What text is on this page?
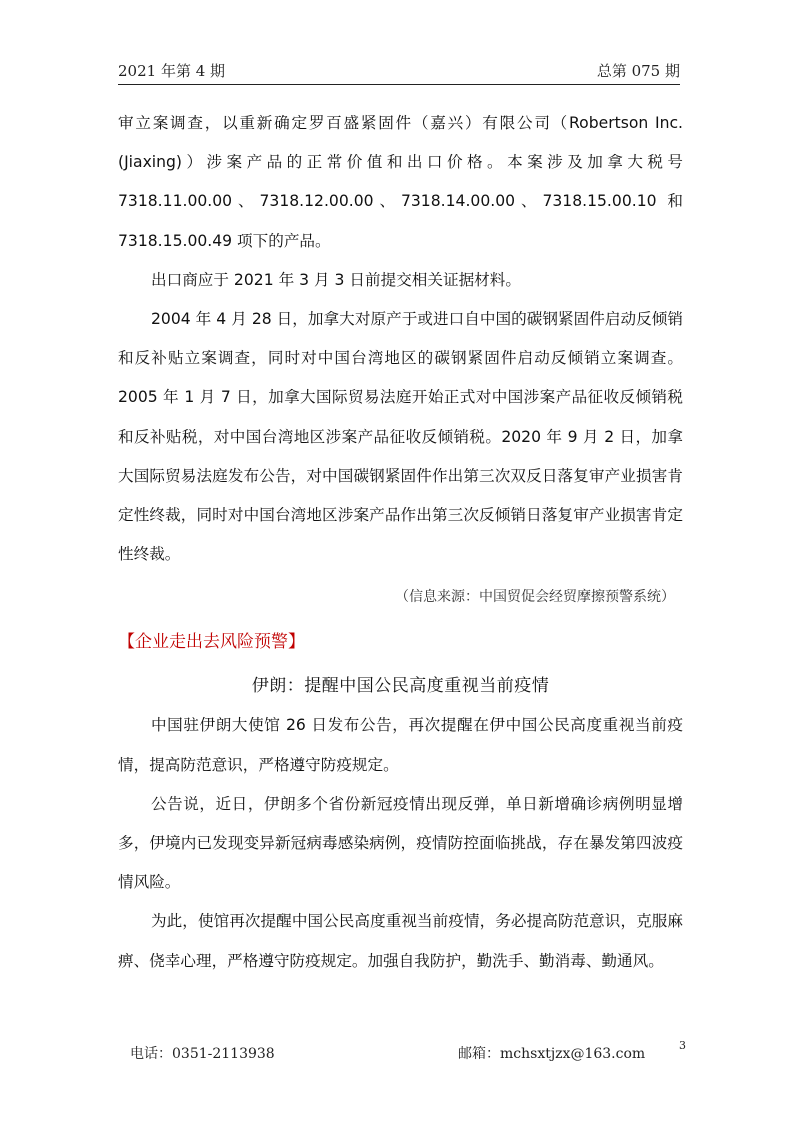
2021 年第 4 期	总第 075 期

审立案调查，以重新确定罗百盛紧固件（嘉兴）有限公司（Robertson Inc. (Jiaxing)）涉案产品的正常价值和出口价格。本案涉及加拿大税号 7318.11.00.00、7318.12.00.00、7318.14.00.00、7318.15.00.10 和 7318.15.00.49 项下的产品。

出口商应于 2021 年 3 月 3 日前提交相关证据材料。

2004 年 4 月 28 日，加拿大对原产于或进口自中国的碳钢紧固件启动反倾销和反补贴立案调查，同时对中国台湾地区的碳钢紧固件启动反倾销立案调查。2005 年 1 月 7 日，加拿大国际贸易法庭开始正式对中国涉案产品征收反倾销税和反补贴税，对中国台湾地区涉案产品征收反倾销税。2020 年 9 月 2 日，加拿大国际贸易法庭发布公告，对中国碳钢紧固件作出第三次双反日落复审产业损害肯定性终裁，同时对中国台湾地区涉案产品作出第三次反倾销日落复审产业损害肯定性终裁。

（信息来源：中国贸促会经贸摩擦预警系统）

【企业走出去风险预警】

伊朗：提醒中国公民高度重视当前疫情

中国驻伊朗大使馆 26 日发布公告，再次提醒在伊中国公民高度重视当前疫情，提高防范意识，严格遵守防疫规定。

公告说，近日，伊朗多个省份新冠疫情出现反弹，单日新增确诊病例明显增多，伊境内已发现变异新冠病毒感染病例，疫情防控面临挑战，存在暴发第四波疫情风险。

为此，使馆再次提醒中国公民高度重视当前疫情，务必提高防范意识，克服麻痹、侥幸心理，严格遵守防疫规定。加强自我防护，勤洗手、勤消毒、勤通风。

电话：0351-2113938	邮箱：mchsxtjzx@163.com
3
